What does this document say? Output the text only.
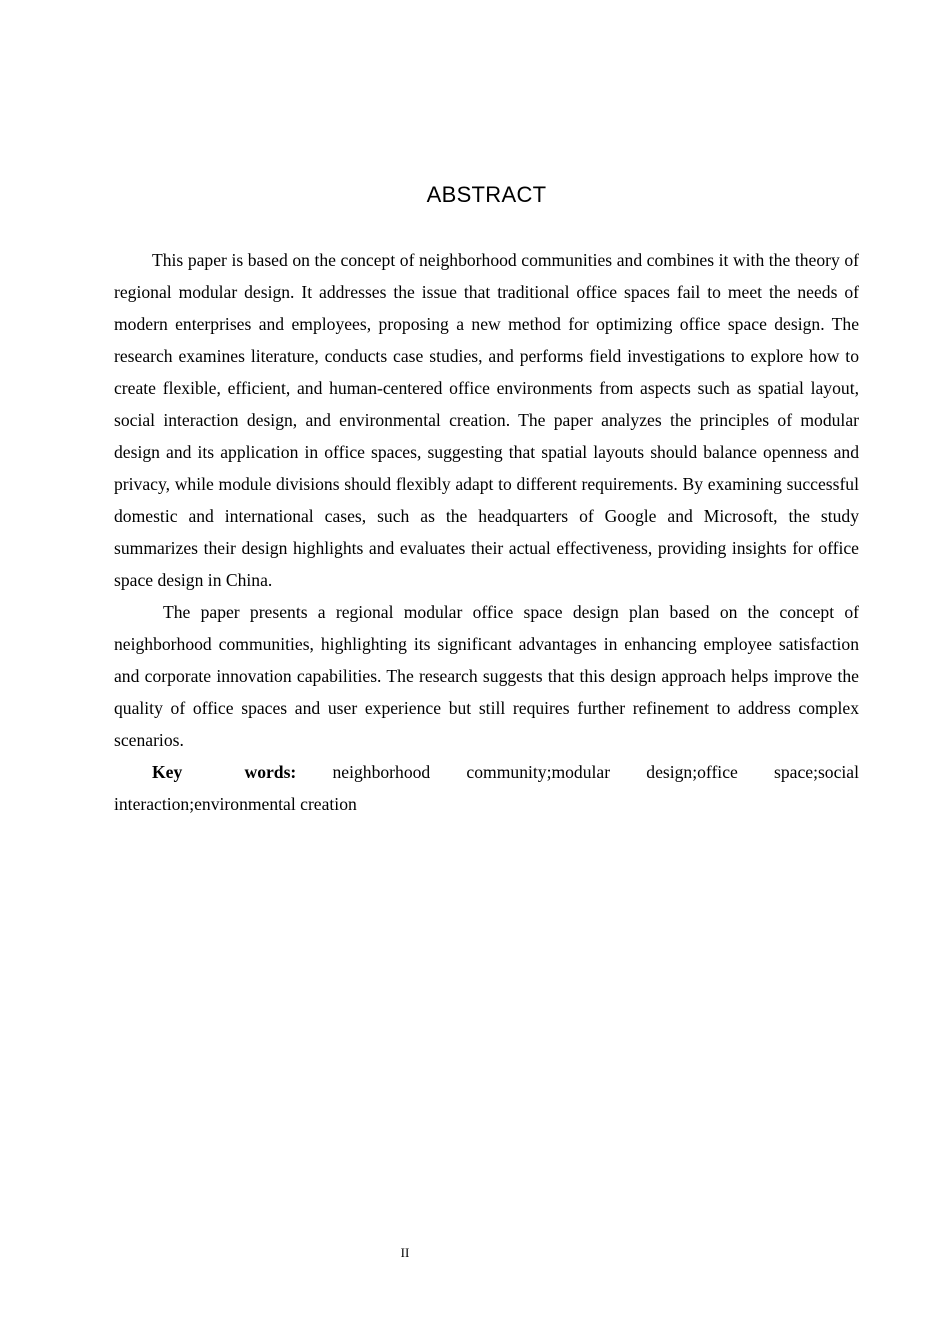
ABSTRACT

This paper is based on the concept of neighborhood communities and combines it with the theory of regional modular design. It addresses the issue that traditional office spaces fail to meet the needs of modern enterprises and employees, proposing a new method for optimizing office space design. The research examines literature, conducts case studies, and performs field investigations to explore how to create flexible, efficient, and human-centered office environments from aspects such as spatial layout, social interaction design, and environmental creation. The paper analyzes the principles of modular design and its application in office spaces, suggesting that spatial layouts should balance openness and privacy, while module divisions should flexibly adapt to different requirements. By examining successful domestic and international cases, such as the headquarters of Google and Microsoft, the study summarizes their design highlights and evaluates their actual effectiveness, providing insights for office space design in China.

The paper presents a regional modular office space design plan based on the concept of neighborhood communities, highlighting its significant advantages in enhancing employee satisfaction and corporate innovation capabilities. The research suggests that this design approach helps improve the quality of office spaces and user experience but still requires further refinement to address complex scenarios.

Key words: neighborhood community;modular design;office space;social interaction;environmental creation

II
